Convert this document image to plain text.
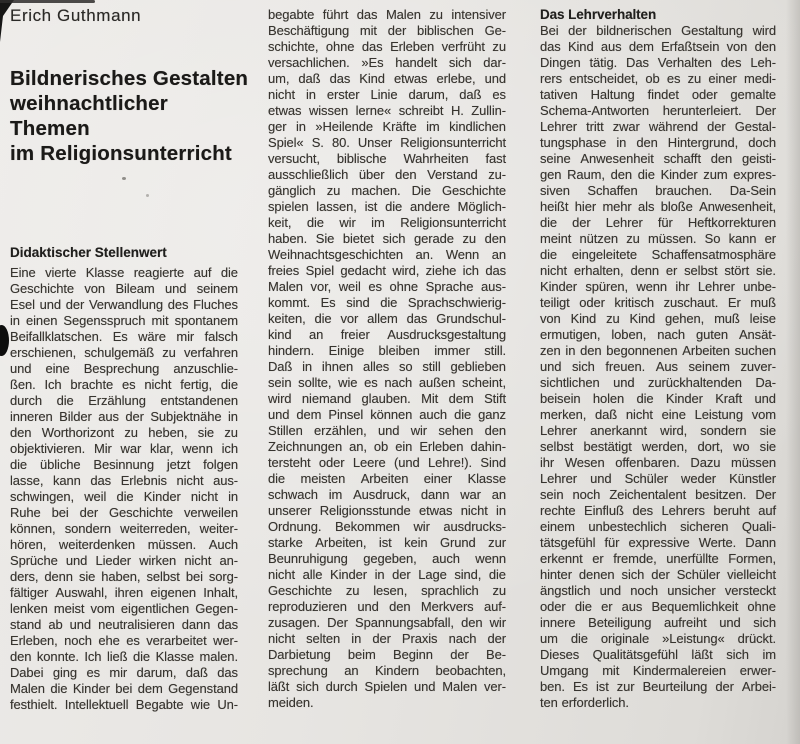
Erich Guthmann
Bildnerisches Gestalten
weihnachtlicher Themen
im Religionsunterricht
Didaktischer Stellenwert
Eine vierte Klasse reagierte auf die
Geschichte von Bileam und seinem
Esel und der Verwandlung des Fluches
in einen Segensspruch mit spontanem
Beifallklatschen. Es wäre mir falsch
erschienen, schulgemäß zu verfahren
und eine Besprechung anzuschlie-
ßen. Ich brachte es nicht fertig, die
durch die Erzählung entstandenen
inneren Bilder aus der Subjektnähe in
den Worthorizont zu heben, sie zu
objektivieren. Mir war klar, wenn ich
die übliche Besinnung jetzt folgen
lasse, kann das Erlebnis nicht aus-
schwingen, weil die Kinder nicht in
Ruhe bei der Geschichte verweilen
können, sondern weiterreden, weiter-
hören, weiterdenken müssen. Auch
Sprüche und Lieder wirken nicht an-
ders, denn sie haben, selbst bei sorg-
fältiger Auswahl, ihren eigenen Inhalt,
lenken meist vom eigentlichen Gegen-
stand ab und neutralisieren dann das
Erleben, noch ehe es verarbeitet wer-
den konnte. Ich ließ die Klasse malen.
Dabei ging es mir darum, daß das
Malen die Kinder bei dem Gegenstand
festhielt. Intellektuell Begabte wie Un-
begabte führt das Malen zu intensiver
Beschäftigung mit der biblischen Ge-
schichte, ohne das Erleben verfrüht zu
versachlichen. »Es handelt sich dar-
um, daß das Kind etwas erlebe, und
nicht in erster Linie darum, daß es
etwas wissen lerne« schreibt H. Zullin-
ger in »Heilende Kräfte im kindlichen
Spiel« S. 80. Unser Religionsunterricht
versucht, biblische Wahrheiten fast
ausschließlich über den Verstand zu-
gänglich zu machen. Die Geschichte
spielen lassen, ist die andere Möglich-
keit, die wir im Religionsunterricht
haben. Sie bietet sich gerade zu den
Weihnachtsgeschichten an. Wenn an
freies Spiel gedacht wird, ziehe ich das
Malen vor, weil es ohne Sprache aus-
kommt. Es sind die Sprachschwierig-
keiten, die vor allem das Grundschul-
kind an freier Ausdrucksgestaltung
hindern. Einige bleiben immer still.
Daß in ihnen alles so still geblieben
sein sollte, wie es nach außen scheint,
wird niemand glauben. Mit dem Stift
und dem Pinsel können auch die ganz
Stillen erzählen, und wir sehen den
Zeichnungen an, ob ein Erleben dahin-
tersteht oder Leere (und Lehre!). Sind
die meisten Arbeiten einer Klasse
schwach im Ausdruck, dann war an
unserer Religionsstunde etwas nicht in
Ordnung. Bekommen wir ausdrucks-
starke Arbeiten, ist kein Grund zur
Beunruhigung gegeben, auch wenn
nicht alle Kinder in der Lage sind, die
Geschichte zu lesen, sprachlich zu
reproduzieren und den Merkvers auf-
zusagen. Der Spannungsabfall, den wir
nicht selten in der Praxis nach der
Darbietung beim Beginn der Be-
sprechung an Kindern beobachten,
läßt sich durch Spielen und Malen ver-
meiden.
Das Lehrverhalten
Bei der bildnerischen Gestaltung wird
das Kind aus dem Erfaßtsein von den
Dingen tätig. Das Verhalten des Leh-
rers entscheidet, ob es zu einer medi-
tativen Haltung findet oder gemalte
Schema-Antworten herunterleiert. Der
Lehrer tritt zwar während der Gestal-
tungsphase in den Hintergrund, doch
seine Anwesenheit schafft den geisti-
gen Raum, den die Kinder zum expres-
siven Schaffen brauchen. Da-Sein
heißt hier mehr als bloße Anwesenheit,
die der Lehrer für Heftkorrekturen
meint nützen zu müssen. So kann er
die eingeleitete Schaffensatmosphäre
nicht erhalten, denn er selbst stört sie.
Kinder spüren, wenn ihr Lehrer unbe-
teiligt oder kritisch zuschaut. Er muß
von Kind zu Kind gehen, muß leise
ermutigen, loben, nach guten Ansät-
zen in den begonnenen Arbeiten suchen
und sich freuen. Aus seinem zuver-
sichtlichen und zurückhaltenden Da-
beisein holen die Kinder Kraft und
merken, daß nicht eine Leistung vom
Lehrer anerkannt wird, sondern sie
selbst bestätigt werden, dort, wo sie
ihr Wesen offenbaren. Dazu müssen
Lehrer und Schüler weder Künstler
sein noch Zeichentalent besitzen. Der
rechte Einfluß des Lehrers beruht auf
einem unbestechlich sicheren Quali-
tätsgefühl für expressive Werte. Dann
erkennt er fremde, unerfüllte Formen,
hinter denen sich der Schüler vielleicht
ängstlich und noch unsicher versteckt
oder die er aus Bequemlichkeit ohne
innere Beteiligung aufreiht und sich
um die originale »Leistung« drückt.
Dieses Qualitätsgefühl läßt sich im
Umgang mit Kindermalereien erwer-
ben. Es ist zur Beurteilung der Arbei-
ten erforderlich.
